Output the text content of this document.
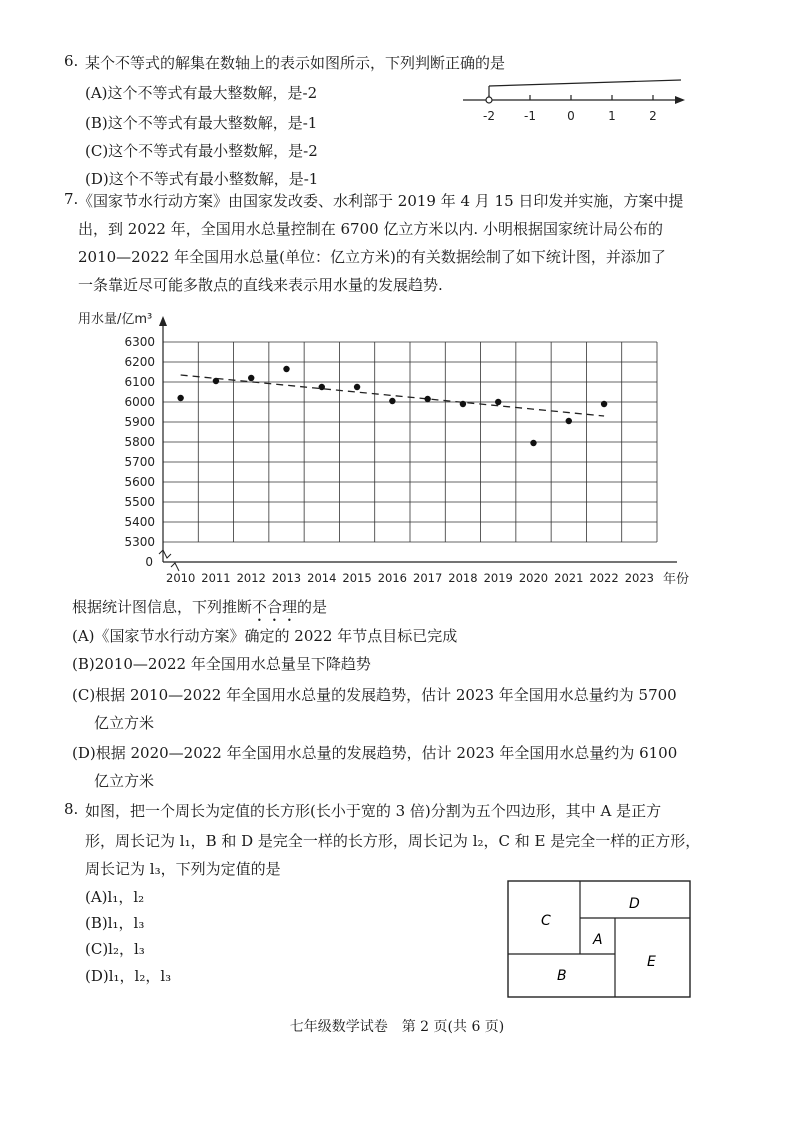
6. 某个不等式的解集在数轴上的表示如图所示，下列判断正确的是
(A)这个不等式有最大整数解，是-2
(B)这个不等式有最大整数解，是-1
(C)这个不等式有最小整数解，是-2
(D)这个不等式有最小整数解，是-1
-2 -1	0	1	2
7. 《国家节水行动方案》由国家发改委、水利部于 2019 年 4 月 15 日印发并实施，方案中提
出，到 2022 年，全国用水总量控制在 6700 亿立方米以内. 小明根据国家统计局公布的
2010—2022 年全国用水总量(单位：亿立方米)的有关数据绘制了如下统计图，并添加了
一条靠近尽可能多散点的直线来表示用水量的发展趋势.
用水量/亿m³
年份
6300
6200
6100
6000
5900
5800
5700
5600
5500
5400
5300
0
2010 2011 2012 2013 2014 2015 2016 2017 2018 2019 2020 2021 2022 2023
根据统计图信息，下列推断不合理的是
(A)《国家节水行动方案》确定的 2022 年节点目标已完成
(B)2010—2022 年全国用水总量呈下降趋势
(C)根据 2010—2022 年全国用水总量的发展趋势，估计 2023 年全国用水总量约为 5700
亿立方米
(D)根据 2020—2022 年全国用水总量的发展趋势，估计 2023 年全国用水总量约为 6100
亿立方米
8. 如图，把一个周长为定值的长方形(长小于宽的 3 倍)分割为五个四边形，其中 A 是正方
形，周长记为 l₁，B 和 D 是完全一样的长方形，周长记为 l₂，C 和 E 是完全一样的正方形，
周长记为 l₃，下列为定值的是
(A)l₁，l₂
(B)l₁，l₃
(C)l₂，l₃
(D)l₁，l₂，l₃
C
D
A
E
B
七年级数学试卷　第 2 页(共 6 页)
